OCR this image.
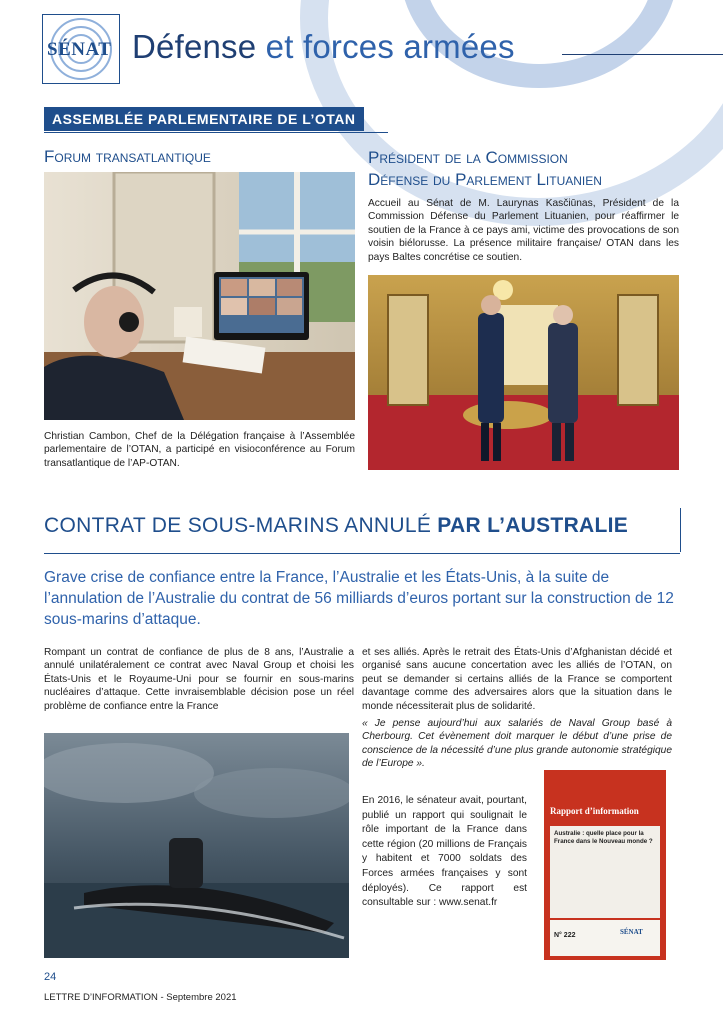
SÉNAT Défense et forces armées
ASSEMBLÉE PARLEMENTAIRE DE L’OTAN
Forum transatlantique
Christian Cambon, Chef de la Délégation française à l’Assemblée parlementaire de l’OTAN, a participé en visioconférence au Forum transatlantique de l’AP-OTAN.
Président de la Commission
Défense du Parlement Lituanien
Accueil au Sénat de M. Laurynas Kasčiūnas, Président de la Commission Défense du Parlement Lituanien, pour réaffirmer le soutien de la France à ce pays ami, victime des provocations de son voisin biélorusse. La présence militaire française/ OTAN dans les pays Baltes concrétise ce soutien.
CONTRAT DE SOUS-MARINS ANNULÉ PAR L’AUSTRALIE
Grave crise de confiance entre la France, l’Australie et les États-Unis, à la suite de l’annulation de l’Australie du contrat de 56 milliards d’euros portant sur la construction de 12 sous-marins d’attaque.
Rompant un contrat de confiance de plus de 8 ans, l’Australie a annulé unilatéralement ce contrat avec Naval Group et choisi les États-Unis et le Royaume-Uni pour se fournir en sous-marins nucléaires d’attaque. Cette invraisemblable décision pose un réel problème de confiance entre la France
et ses alliés. Après le retrait des États-Unis d’Afghanistan décidé et organisé sans aucune concertation avec les alliés de l’OTAN, on peut se demander si certains alliés de la France se comportent davantage comme des adversaires alors que la situation dans le monde nécessiterait plus de solidarité.
« Je pense aujourd’hui aux salariés de Naval Group basé à Cherbourg. Cet évènement doit marquer le début d’une prise de conscience de la nécessité d’une plus grande autonomie stratégique de l’Europe ».
En 2016, le sénateur avait, pourtant, publié un rapport qui soulignait le rôle important de la France dans cette région (20 millions de Français y habitent et 7000 soldats des Forces armées françaises y sont déployés). Ce rapport est consultable sur : www.senat.fr
Rapport d’information
Australie : quelle place pour la France dans le Nouveau monde ?
N° 222	SÉNAT
24
LETTRE D’INFORMATION - Septembre 2021
